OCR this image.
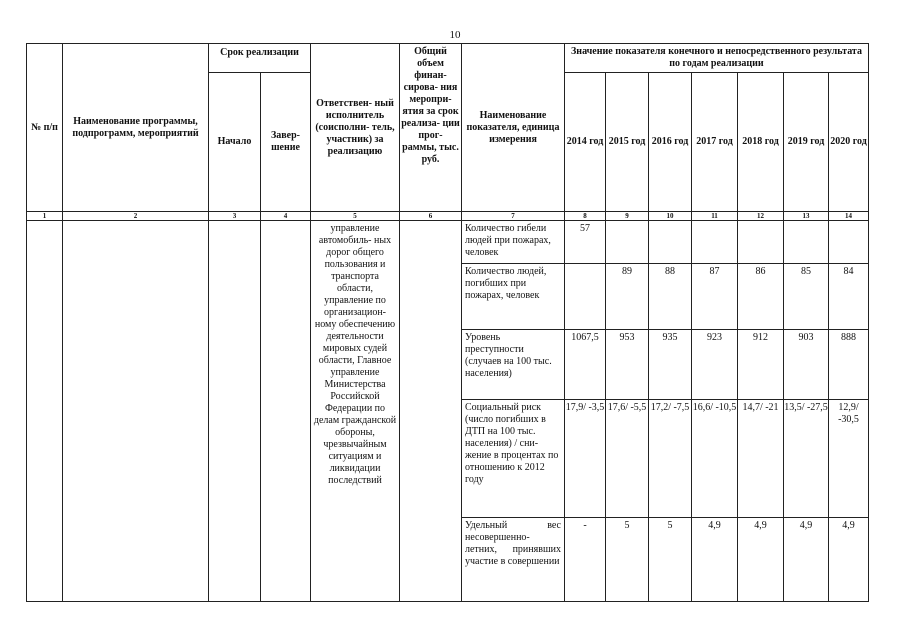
10
№ п/п	Наименование программы, подпрограмм, мероприятий	Срок реализации		Ответствен- ный исполнитель (соисполни- тель, участник) за реализацию	Общий объем финан- сирова- ния меропри- ятия за срок реализа- ции прог- раммы, тыс. руб.	Наименование показателя, единица измерения	Значение показателя конечного и непосредственного результата по годам реализации						
		Начало	Завер- шение				2014 год	2015 год	2016 год	2017 год	2018 год	2019 год	2020 год
1	2	3	4	5	6	7	8	9	10	11	12	13	14
				управление автомобиль- ных дорог общего пользования и транспорта области, управление по организацион- ному обеспечению деятельности мировых судей области, Главное управление Министерства Российской Федерации по делам гражданской обороны, чрезвычайным ситуациям и ликвидации последствий		Количество гибели людей при пожарах, человек	57						
						Количество людей, погибших при пожарах, человек		89	88	87	86	85	84
						Уровень преступности (случаев на 100 тыс. населения)	1067,5	953	935	923	912	903	888
						Социальный риск (число погибших в ДТП на 100 тыс. населения) / сни- жение в процентах по отношению к 2012 году	17,9/ -3,5	17,6/ -5,5	17,2/ -7,5	16,6/ -10,5	14,7/ -21	13,5/ -27,5	12,9/ -30,5
						Удельный вес несовершенно- летних, принявших участие в совершении	-	5	5	4,9	4,9	4,9	4,9
